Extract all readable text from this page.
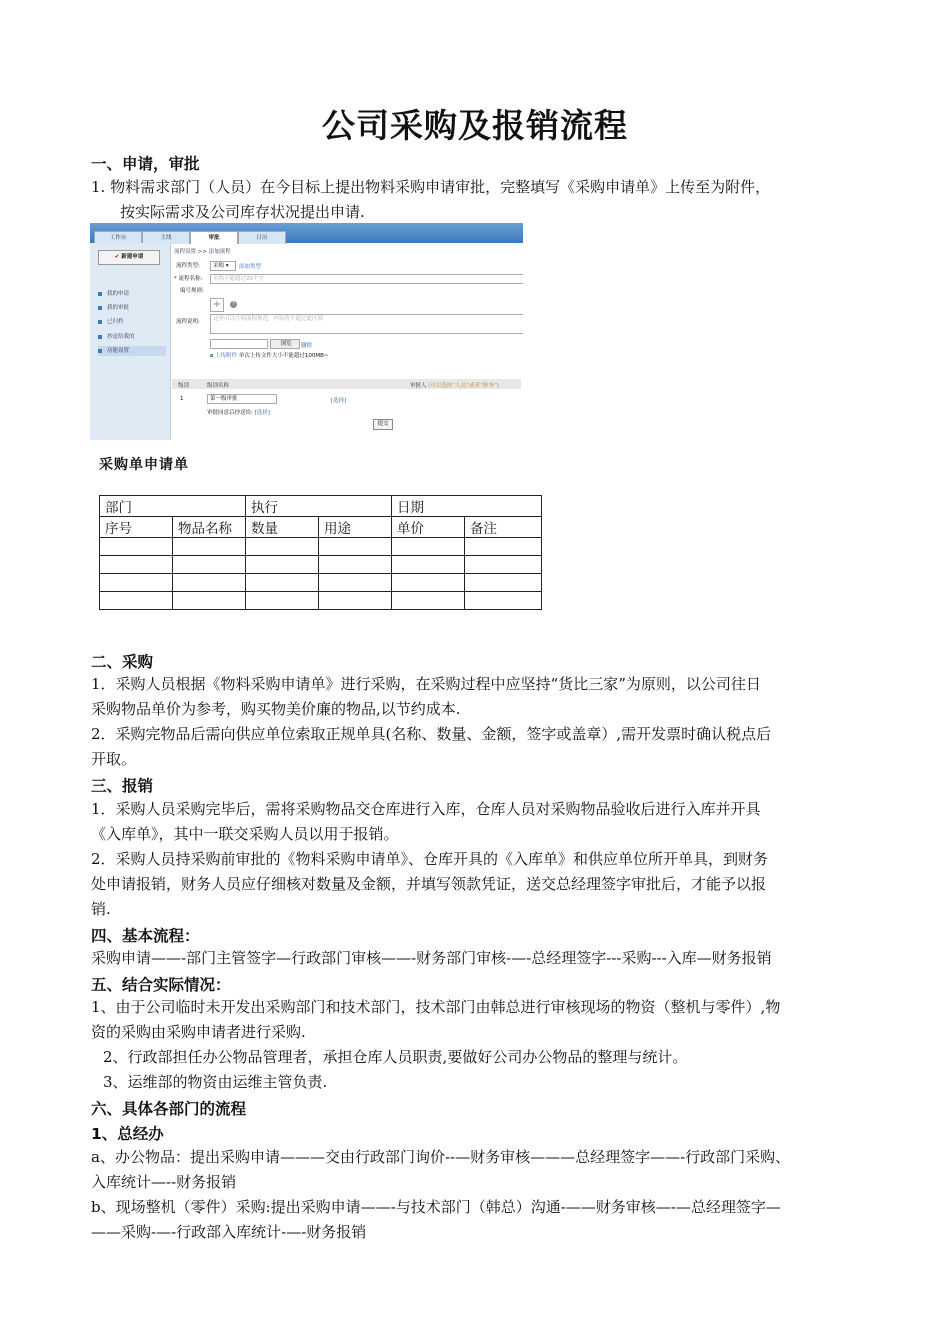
公司采购及报销流程
一、申请，审批
1. 物料需求部门（人员）在今目标上提出物料采购申请审批，完整填写《采购申请单》上传至为附件，
按实际需求及公司库存状况提出申请.
工作台	主线	审批	日历
✔ 新建申请
我的申请
我的审批
已归档
抄送给我的
功能设置
流程设置 >> 添加流程
流程类型:	采购 ▾	添加类型
* 流程名称:	名称不能超过20个字
编号规则:
+	?
流程说明:	这里可以注明流程规范，内容将不超过此区域
浏览	删除
⌀ 上传附件 单次上传文件大小不能超过100MB~
级别	级别名称	审批人 (可以选择“人员”或者“职务”)
1	第一级审批	[选择]
审批同意后抄送给: [选择]
提交
采购单申请单
部门		执行		日期	
序号	物品名称	数量	用途	单价	备注

二、采购
1．采购人员根据《物料采购申请单》进行采购，在采购过程中应坚持“货比三家”为原则，以公司往日
采购物品单价为参考，购买物美价廉的物品,以节约成本.
2．采购完物品后需向供应单位索取正规单具(名称、数量、金额，签字或盖章）,需开发票时确认税点后
开取。
三、报销
1．采购人员采购完毕后，需将采购物品交仓库进行入库，仓库人员对采购物品验收后进行入库并开具
《入库单》，其中一联交采购人员以用于报销。
2．采购人员持采购前审批的《物料采购申请单》、仓库开具的《入库单》和供应单位所开单具，到财务
处申请报销，财务人员应仔细核对数量及金额，并填写领款凭证，送交总经理签字审批后，才能予以报
销.
四、基本流程：
采购申请——-部门主管签字—行政部门审核——-财务部门审核-—-总经理签字---采购---入库—财务报销
五、结合实际情况：
1、由于公司临时未开发出采购部门和技术部门，技术部门由韩总进行审核现场的物资（整机与零件）,物
资的采购由采购申请者进行采购.
2、行政部担任办公物品管理者，承担仓库人员职责,要做好公司办公物品的整理与统计。
3、运维部的物资由运维主管负责.
六、具体各部门的流程
1、总经办
a、办公物品：提出采购申请———交由行政部门询价--—财务审核———总经理签字——-行政部门采购、
入库统计—--财务报销
b、现场整机（零件）采购:提出采购申请——-与技术部门（韩总）沟通-——财务审核—-—总经理签字—
——采购-—-行政部入库统计-—-财务报销
